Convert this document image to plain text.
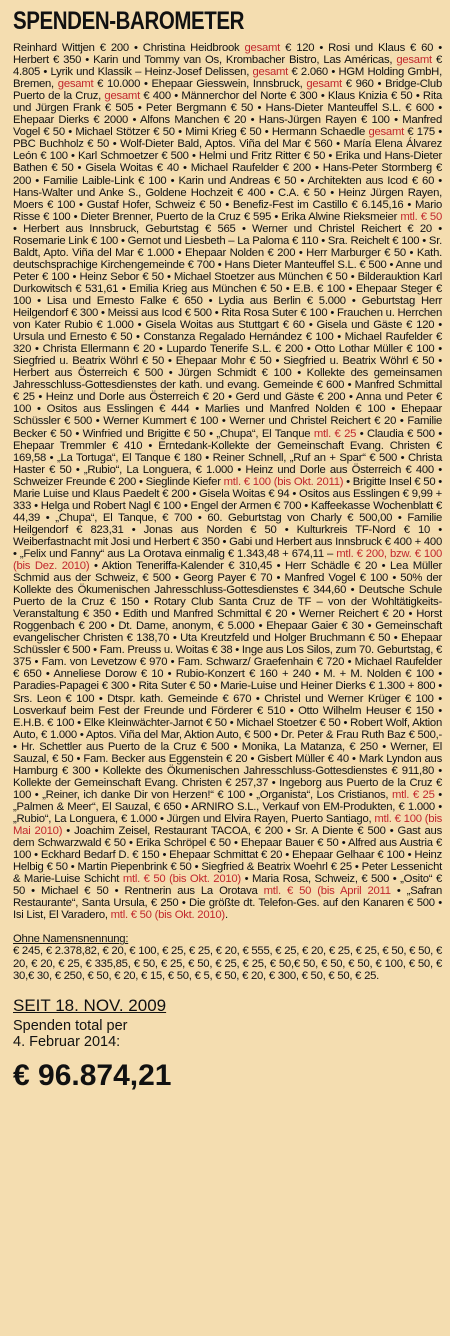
SPENDEN-BAROMETER

Reinhard Wittjen € 200 • Christina Heidbrook gesamt € 120 • Rosi und Klaus € 60 • Herbert € 350 • Karin und Tommy van Os, Krombacher Bistro, Las Américas, gesamt € 4.805 • Lyrik und Klassik – Heinz-Josef Delissen, gesamt € 2.060 • HGM Holding GmbH, Bremen, gesamt € 10.000 • Ehepaar Giesswein, Innsbruck, gesamt € 960 • Bridge-Club Puerto de la Cruz, gesamt € 400 • Männerchor del Norte € 300 • Klaus Knizia € 50 • Rita und Jürgen Frank € 505 • Peter Bergmann € 50 • Hans-Dieter Manteuffel S.L. € 600 • Ehepaar Dierks € 2000 • Alfons Manchen € 20 • Hans-Jürgen Rayen € 100 • Manfred Vogel € 50 • Michael Stötzer € 50 • Mimi Krieg € 50 • Hermann Schaedle gesamt € 175 • PBC Buchholz € 50 • Wolf-Dieter Bald, Aptos. Viña del Mar € 560 • María Elena Álvarez León € 100 • Karl Schmoetzer € 500 • Helmi und Fritz Ritter € 50 • Erika und Hans-Dieter Bathen € 50 • Gisela Woitas € 40 • Michael Raufelder € 200 • Hans-Peter Stormberg € 200 • Familie Laible-Link € 100 • Karin und Andreas € 50 • Architekten aus Icod € 60 • Hans-Walter und Anke S., Goldene Hochzeit € 400 • C.A. € 50 • Heinz Jürgen Rayen, Moers € 100 • Gustaf Hofer, Schweiz € 50 • Benefiz-Fest im Castillo € 6.145,16 • Mario Risse € 100 • Dieter Brenner, Puerto de la Cruz € 595 • Erika Alwine Rieksmeier mtl. € 50 • Herbert aus Innsbruck, Geburtstag € 565 • Werner und Christel Reichert € 20 • Rosemarie Link € 100 • Gernot und Liesbeth – La Paloma € 110 • Sra. Reichelt € 100 • Sr. Baldt, Apto. Viña del Mar € 1.000 • Ehepaar Nolden € 200 • Herr Marburger € 50 • Kath. deutschsprachige Kirchengemeinde € 700 • Hans Dieter Manteuffel S.L. € 500 • Anne und Peter € 100 • Heinz Sebor € 50 • Michael Stoetzer aus München € 50 • Bilderauktion Karl Durkowitsch € 531,61 • Emilia Krieg aus München € 50 • E.B. € 100 • Ehepaar Steger € 100 • Lisa und Ernesto Falke € 650 • Lydia aus Berlin € 5.000 • Geburtstag Herr Heilgendorf € 300 • Meissi aus Icod € 500 • Rita Rosa Suter € 100 • Frauchen u. Herrchen von Kater Rubio € 1.000 • Gisela Woitas aus Stuttgart € 60 • Gisela und Gäste € 120 • Ursula und Ernesto € 50 • Constanza Regalado Hernández € 100 • Michael Raufelder € 320 • Christa Ellermann € 20 • Lupardo Tenerife S.L. € 200 • Otto Lothar Müller € 100 • Siegfried u. Beatrix Wöhrl € 50 • Ehepaar Mohr € 50 • Siegfried u. Beatrix Wöhrl € 50 • Herbert aus Österreich € 500 • Jürgen Schmidt € 100 • Kollekte des gemeinsamen Jahresschluss-Gottesdienstes der kath. und evang. Gemeinde € 600 • Manfred Schmittal € 25 • Heinz und Dorle aus Österreich € 20 • Gerd und Gäste € 200 • Anna und Peter € 100 • Ositos aus Esslingen € 444 • Marlies und Manfred Nolden € 100 • Ehepaar Schüssler € 500 • Werner Kummert € 100 • Werner und Christel Reichert € 20 • Familie Becker € 50 • Winfried und Brigitte € 50 • „Chupa“, El Tanque mtl. € 25 • Claudia € 500 • Ehepaar Tremmler € 410 • Erntedank-Kollekte der Gemeinschaft Evang. Christen € 169,58 • „La Tortuga“, El Tanque € 180 • Reiner Schnell, „Ruf an + Spar“ € 500 • Christa Haster € 50 • „Rubio“, La Longuera, € 1.000 • Heinz und Dorle aus Österreich € 400 • Schweizer Freunde € 200 • Sieglinde Kiefer mtl. € 100 (bis Okt. 2011) • Brigitte Insel € 50 • Marie Luise und Klaus Paedelt € 200 • Gisela Woitas € 94 • Ositos aus Esslingen € 9,99 + 333 • Helga und Robert Nagl € 100 • Engel der Armen € 700 • Kaffeekasse Wochenblatt € 44,39 • „Chupa“, El Tanque, € 700 • 60. Geburtstag von Charly € 500,00 • Familie Heilgendorf € 823,31 • Jonas aus Norden € 50 • Kulturkreis TF-Nord € 10 • Weiberfastnacht mit Josi und Herbert € 350 • Gabi und Herbert aus Innsbruck € 400 + 400 • „Felix und Fanny“ aus La Orotava einmalig € 1.343,48 + 674,11 – mtl. € 200, bzw. € 100 (bis Dez. 2010) • Aktion Teneriffa-Kalender € 310,45 • Herr Schädle € 20 • Lea Müller Schmid aus der Schweiz, € 500 • Georg Payer € 70 • Manfred Vogel € 100 • 50% der Kollekte des Ökumenischen Jahresschluss-Gottesdienstes € 344,60 • Deutsche Schule Puerto de la Cruz € 150 • Rotary Club Santa Cruz de TF – von der Wohltätigkeits-Veranstaltung € 350 • Edith und Manfred Schmittal € 20 • Werner Reichert € 20 • Horst Roggenbach € 200 • Dt. Dame, anonym, € 5.000 • Ehepaar Gaier € 30 • Gemeinschaft evangelischer Christen € 138,70 • Uta Kreutzfeld und Holger Bruchmann € 50 • Ehepaar Schüssler € 500 • Fam. Preuss u. Woitas € 38 • Inge aus Los Silos, zum 70. Geburtstag, € 375 • Fam. von Levetzow € 970 • Fam. Schwarz/ Graefenhain € 720 • Michael Raufelder € 650 • Anneliese Dorow € 10 • Rubio-Konzert € 160 + 240 • M. + M. Nolden € 100 • Paradies-Papagei € 300 • Rita Suter € 50 • Marie-Luise und Heiner Dierks € 1.300 + 800 • Srs. Leon € 100 • Dtspr. kath. Gemeinde € 670 • Christel und Werner Krüger € 100 • Losverkauf beim Fest der Freunde und Förderer € 510 • Otto Wilhelm Heuser € 150 • E.H.B. € 100 • Elke Kleinwächter-Jarnot € 50 • Michael Stoetzer € 50 • Robert Wolf, Aktion Auto, € 1.000 • Aptos. Viña del Mar, Aktion Auto, € 500 • Dr. Peter & Frau Ruth Baz € 500,- • Hr. Schettler aus Puerto de la Cruz € 500 • Monika, La Matanza, € 250 • Werner, El Sauzal, € 50 • Fam. Becker aus Eggenstein € 20 • Gisbert Müller € 40 • Mark Lyndon aus Hamburg € 300 • Kollekte des Ökumenischen Jahresschluss-Gottesdienstes € 911,80 • Kollekte der Gemeinschaft Evang. Christen € 257,37 • Ingeborg aus Puerto de la Cruz € 100 • „Reiner, ich danke Dir von Herzen!“ € 100 • „Organista“, Los Cristianos, mtl. € 25 • „Palmen & Meer“, El Sauzal, € 650 • ARNIRO S.L., Verkauf von EM-Produkten, € 1.000 • „Rubio“, La Longuera, € 1.000 • Jürgen und Elvira Rayen, Puerto Santiago, mtl. € 100 (bis Mai 2010) • Joachim Zeisel, Restaurant TACOA, € 200 • Sr. A Diente € 500 • Gast aus dem Schwarzwald € 50 • Erika Schröpel € 50 • Ehepaar Bauer € 50 • Alfred aus Austria € 100 • Eckhard Bedarf D. € 150 • Ehepaar Schmittat € 20 • Ehepaar Gelhaar € 100 • Heinz Helbig € 50 • Martin Piepenbrink € 50 • Siegfried & Beatrix Woehrl € 25 • Peter Lessenicht & Marie-Luise Schicht mtl. € 50 (bis Okt. 2010) • Maria Rosa, Schweiz, € 500 • „Osito“ € 50 • Michael € 50 • Rentnerin aus La Orotava mtl. € 50 (bis April 2011 • „Safran Restaurante“, Santa Ursula, € 250 • Die größte dt. Telefon-Ges. auf den Kanaren € 500 • Isi List, El Varadero, mtl. € 50 (bis Okt. 2010).

Ohne Namensnennung:

€ 245, € 2.378,82, € 20, € 100, € 25, € 25, € 20, € 555, € 25, € 20, € 25, € 25, € 50, € 50, € 20, € 20, € 25, € 335,85, € 50, € 25, € 50, € 25, € 25, € 50,€ 50, € 50, € 50, € 100, € 50, € 30,€ 30, € 250, € 50, € 20, € 15, € 50, € 5, € 50, € 20, € 300, € 50, € 50, € 25.

SEIT 18. NOV. 2009

Spenden total per

4. Februar 2014:

€ 96.874,21
